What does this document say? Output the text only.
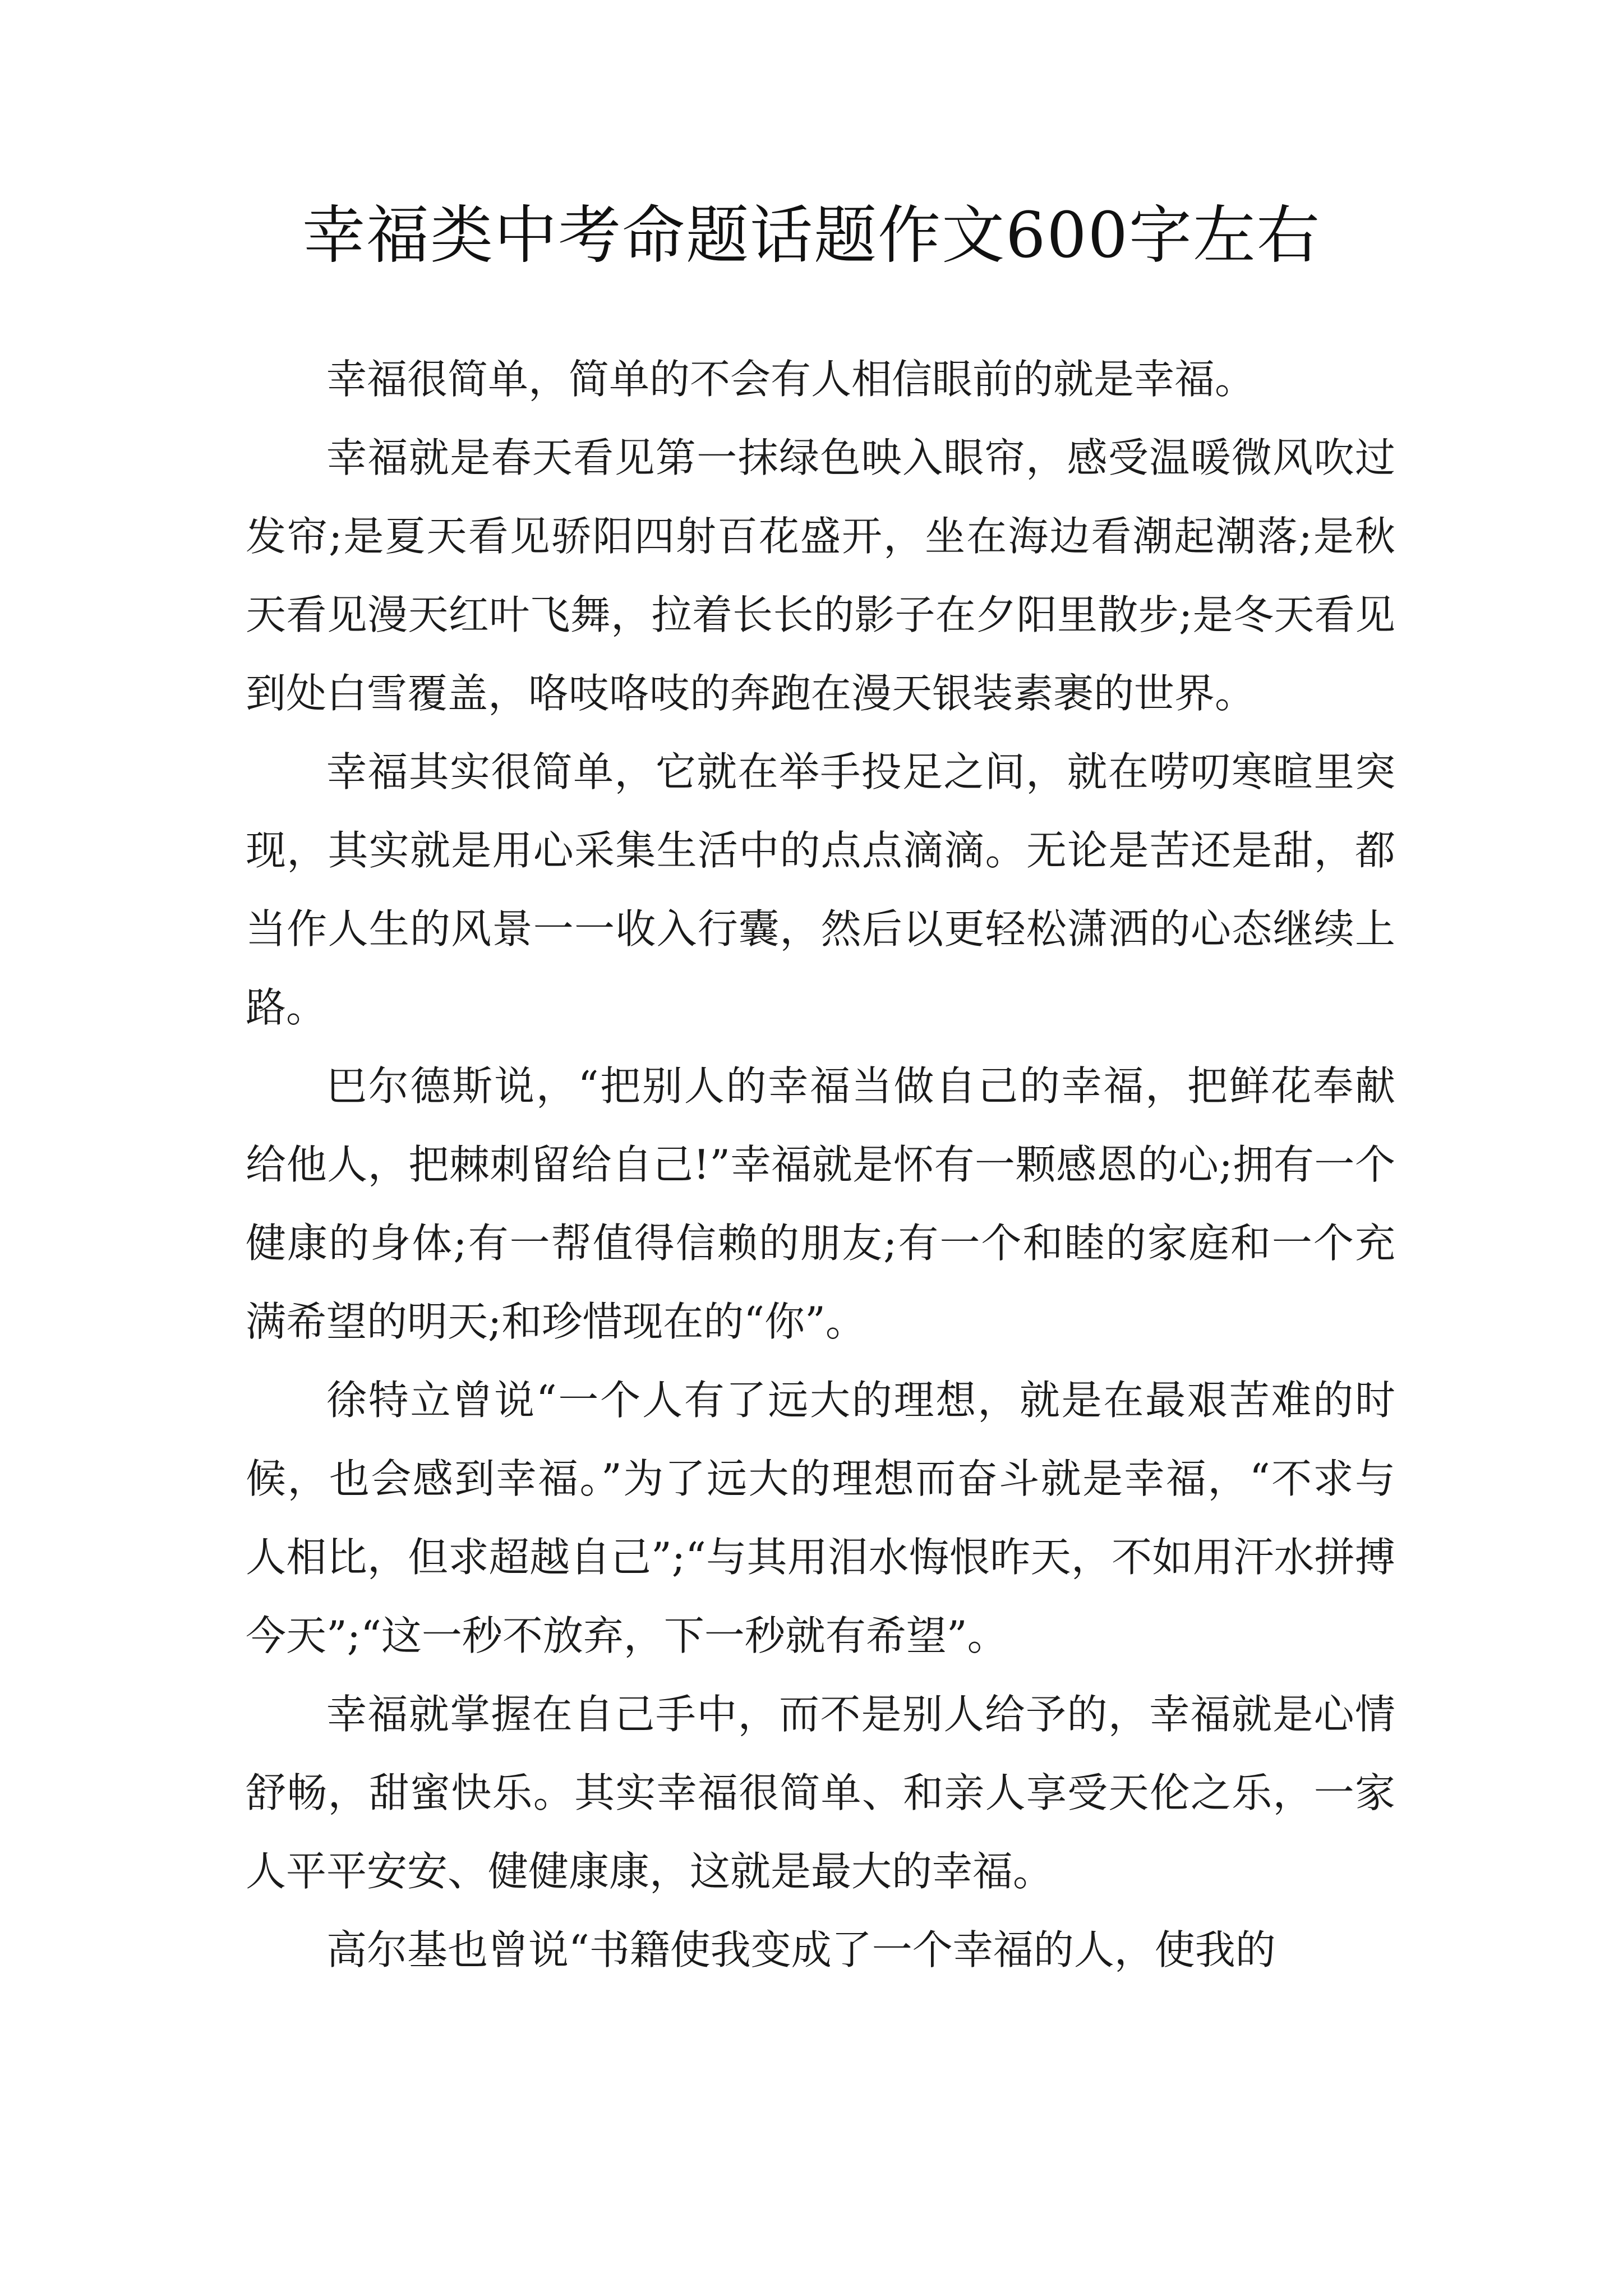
幸福类中考命题话题作文600字左右

幸福很简单，简单的不会有人相信眼前的就是幸福。

幸福就是春天看见第一抹绿色映入眼帘，感受温暖微风吹过发帘;是夏天看见骄阳四射百花盛开，坐在海边看潮起潮落;是秋天看见漫天红叶飞舞，拉着长长的影子在夕阳里散步;是冬天看见到处白雪覆盖，咯吱咯吱的奔跑在漫天银装素裹的世界。

幸福其实很简单，它就在举手投足之间，就在唠叨寒暄里突现，其实就是用心采集生活中的点点滴滴。无论是苦还是甜，都当作人生的风景一一收入行囊，然后以更轻松潇洒的心态继续上路。

巴尔德斯说，“把别人的幸福当做自己的幸福，把鲜花奉献给他人，把棘刺留给自己!”幸福就是怀有一颗感恩的心;拥有一个健康的身体;有一帮值得信赖的朋友;有一个和睦的家庭和一个充满希望的明天;和珍惜现在的“你”。

徐特立曾说“一个人有了远大的理想，就是在最艰苦难的时候，也会感到幸福。”为了远大的理想而奋斗就是幸福，“不求与人相比，但求超越自己”;“与其用泪水悔恨昨天，不如用汗水拼搏今天”;“这一秒不放弃，下一秒就有希望”。

幸福就掌握在自己手中，而不是别人给予的，幸福就是心情舒畅，甜蜜快乐。其实幸福很简单、和亲人享受天伦之乐，一家人平平安安、健健康康，这就是最大的幸福。

高尔基也曾说“书籍使我变成了一个幸福的人，使我的
